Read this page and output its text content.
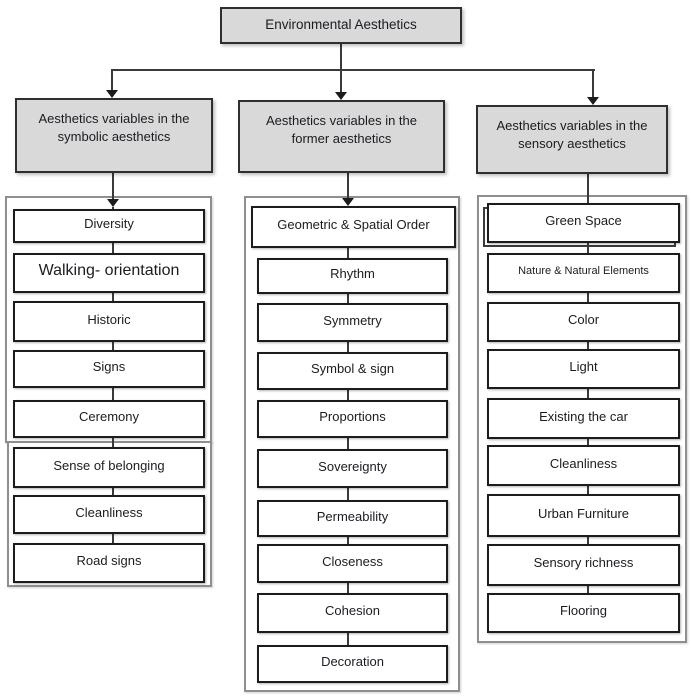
Environmental Aesthetics
Aesthetics variables in the symbolic aesthetics
Aesthetics variables in the former aesthetics
Aesthetics variables in the sensory aesthetics
Diversity
Walking- orientation
Historic
Signs
Ceremony
Sense of belonging
Cleanliness
Road signs
Geometric & Spatial Order
Rhythm
Symmetry
Symbol & sign
Proportions
Sovereignty
Permeability
Closeness
Cohesion
Decoration
Green Space
Nature & Natural Elements
Color
Light
Existing the car
Cleanliness
Urban Furniture
Sensory richness
Flooring
